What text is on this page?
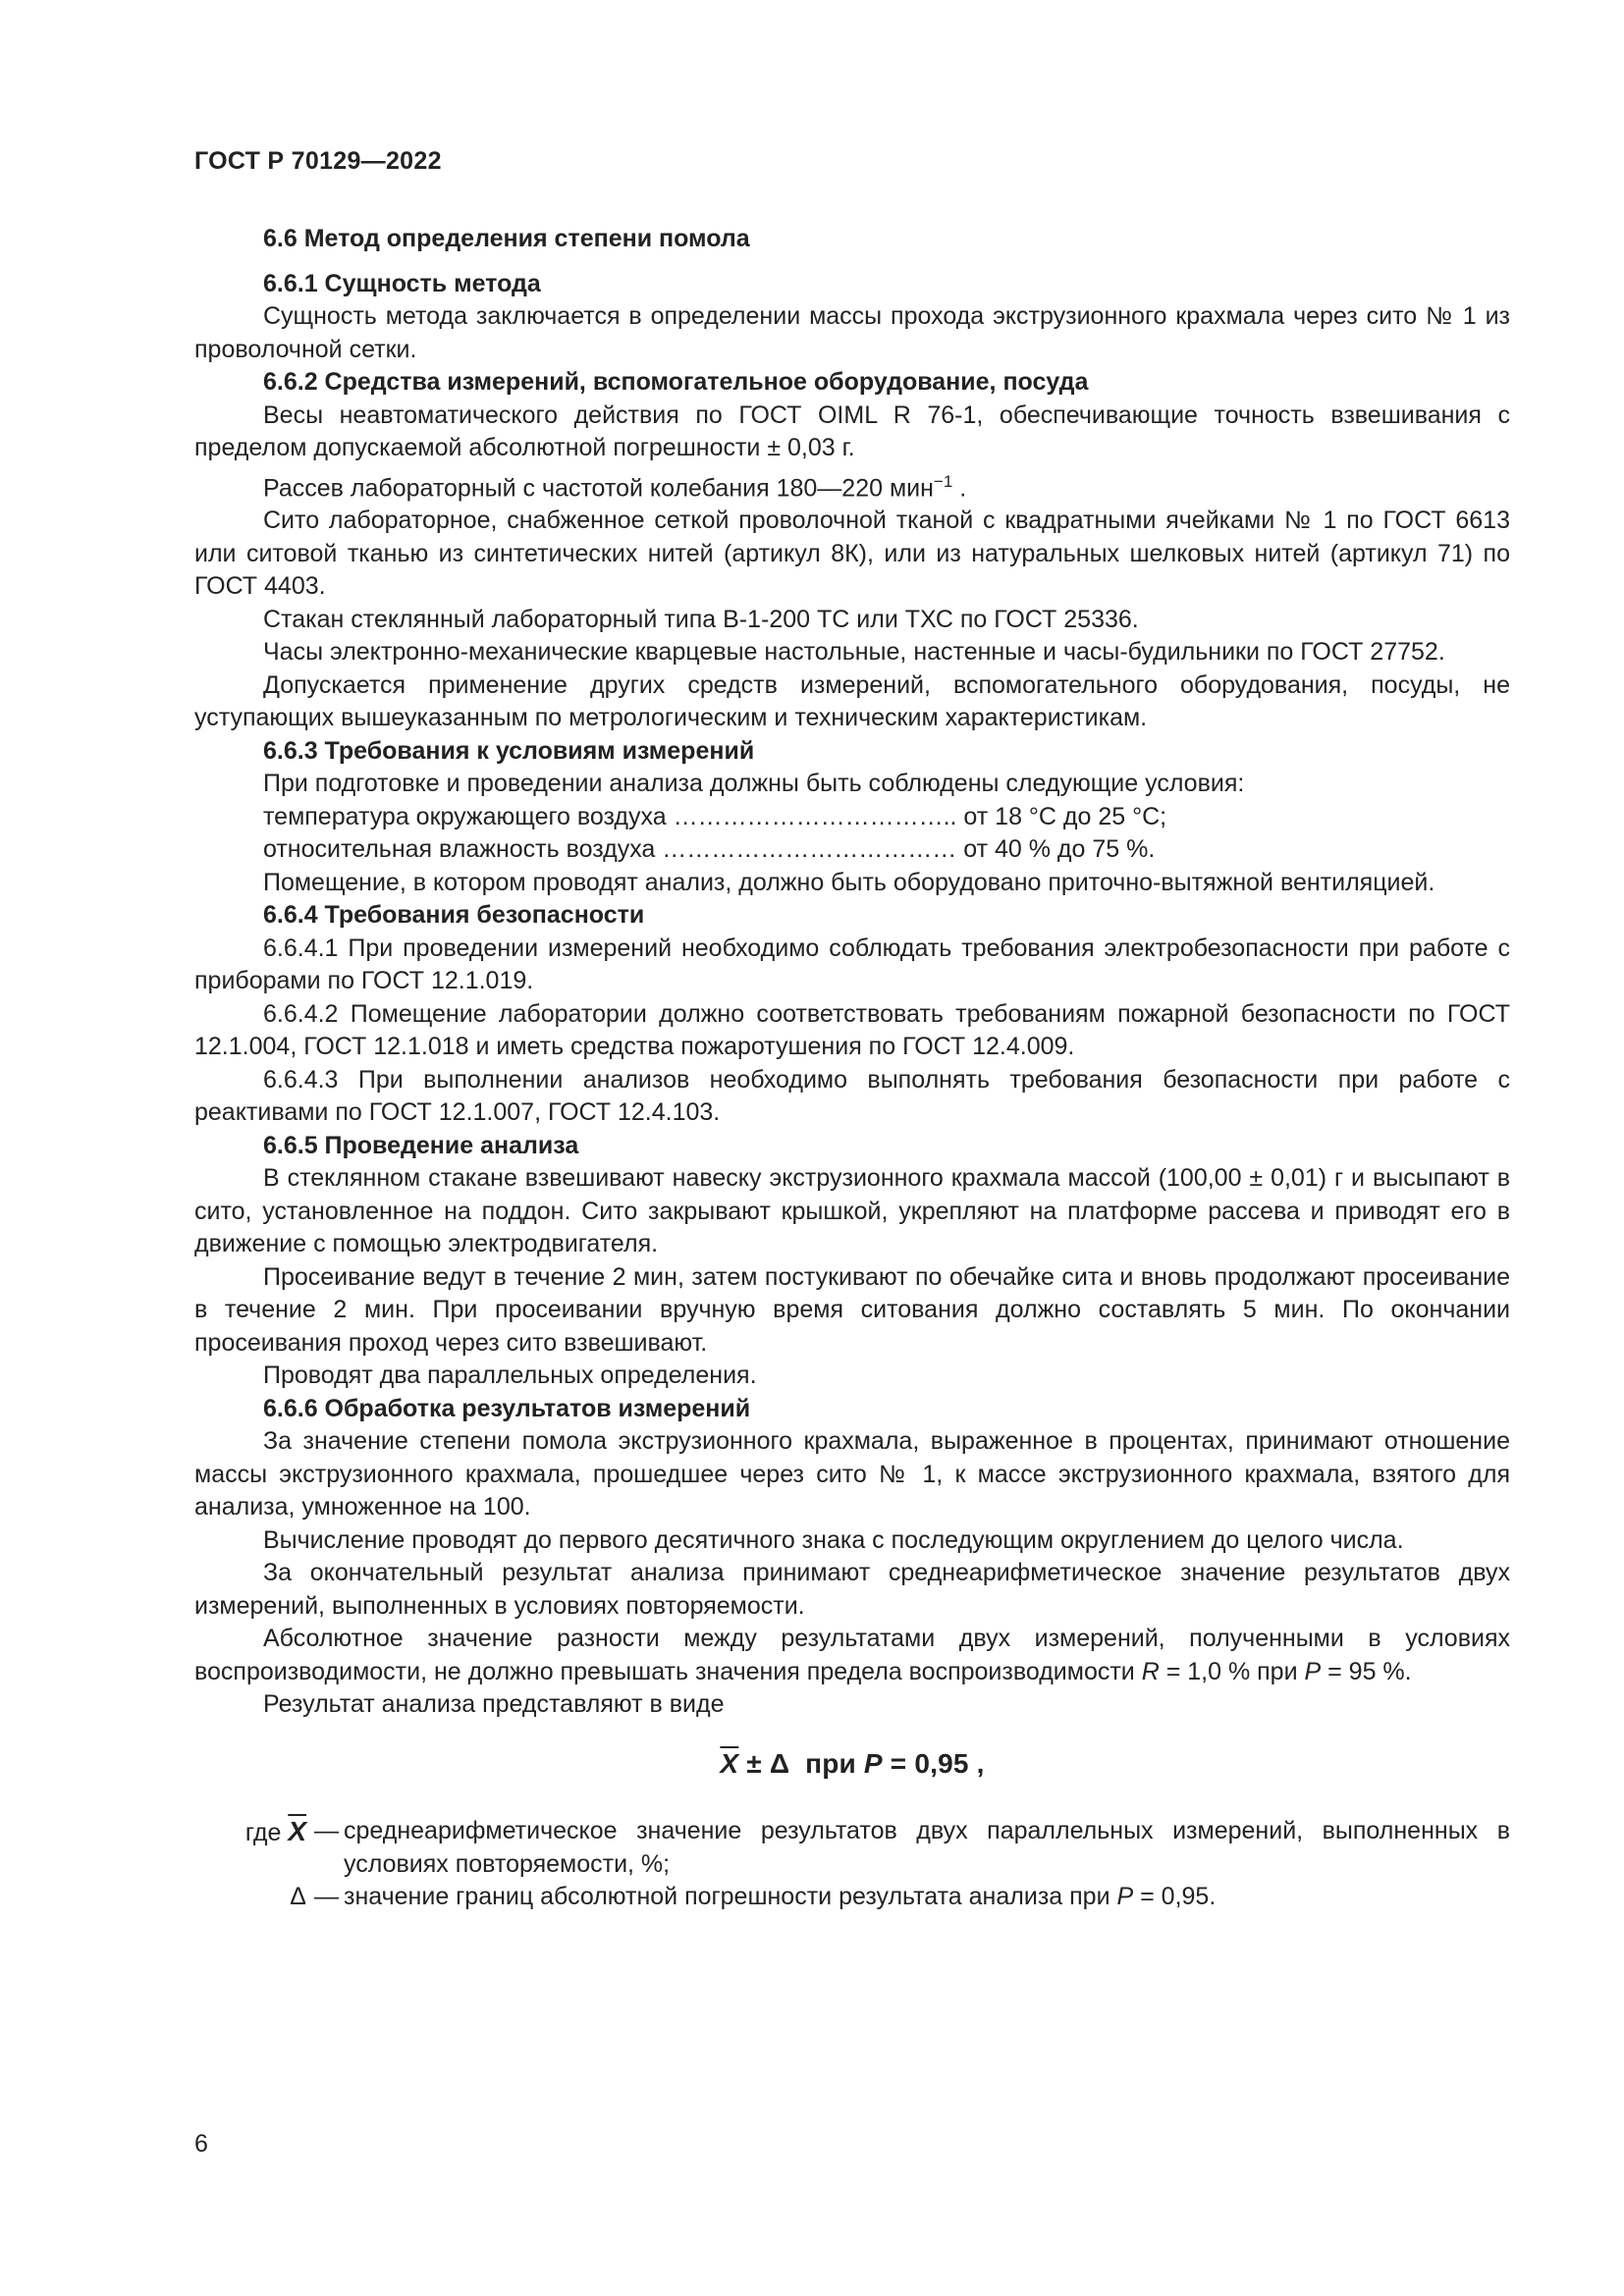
ГОСТ Р 70129—2022

6.6 Метод определения степени помола

6.6.1 Сущность метода

Сущность метода заключается в определении массы прохода экструзионного крахмала через сито № 1 из проволочной сетки.

6.6.2 Средства измерений, вспомогательное оборудование, посуда

Весы неавтоматического действия по ГОСТ OIML R 76-1, обеспечивающие точность взвешивания с пределом допускаемой абсолютной погрешности ± 0,03 г.

Рассев лабораторный с частотой колебания 180—220 мин$^{-1}$ .

Сито лабораторное, снабженное сеткой проволочной тканой с квадратными ячейками № 1 по ГОСТ 6613 или ситовой тканью из синтетических нитей (артикул 8К), или из натуральных шелковых нитей (артикул 71) по ГОСТ 4403.

Стакан стеклянный лабораторный типа В-1-200 ТС или ТХС по ГОСТ 25336.

Часы электронно-механические кварцевые настольные, настенные и часы-будильники по ГОСТ 27752.

Допускается применение других средств измерений, вспомогательного оборудования, посуды, не уступающих вышеуказанным по метрологическим и техническим характеристикам.

6.6.3 Требования к условиям измерений

При подготовке и проведении анализа должны быть соблюдены следующие условия:

температура окружающего воздуха …………………………….. от 18 °С до 25 °С;

относительная влажность воздуха ……………………………… от 40 % до 75 %.

Помещение, в котором проводят анализ, должно быть оборудовано приточно-вытяжной вентиляцией.

6.6.4 Требования безопасности

6.6.4.1 При проведении измерений необходимо соблюдать требования электробезопасности при работе с приборами по ГОСТ 12.1.019.

6.6.4.2 Помещение лаборатории должно соответствовать требованиям пожарной безопасности по ГОСТ 12.1.004, ГОСТ 12.1.018 и иметь средства пожаротушения по ГОСТ 12.4.009.

6.6.4.3 При выполнении анализов необходимо выполнять требования безопасности при работе с реактивами по ГОСТ 12.1.007, ГОСТ 12.4.103.

6.6.5 Проведение анализа

В стеклянном стакане взвешивают навеску экструзионного крахмала массой (100,00 ± 0,01) г и высыпают в сито, установленное на поддон. Сито закрывают крышкой, укрепляют на платформе рассева и приводят его в движение с помощью электродвигателя.

Просеивание ведут в течение 2 мин, затем постукивают по обечайке сита и вновь продолжают просеивание в течение 2 мин. При просеивании вручную время ситования должно составлять 5 мин. По окончании просеивания проход через сито взвешивают.

Проводят два параллельных определения.

6.6.6 Обработка результатов измерений

За значение степени помола экструзионного крахмала, выраженное в процентах, принимают отношение массы экструзионного крахмала, прошедшее через сито № 1, к массе экструзионного крахмала, взятого для анализа, умноженное на 100.

Вычисление проводят до первого десятичного знака с последующим округлением до целого числа.

За окончательный результат анализа принимают среднеарифметическое значение результатов двух измерений, выполненных в условиях повторяемости.

Абсолютное значение разности между результатами двух измерений, полученными в условиях воспроизводимости, не должно превышать значения предела воспроизводимости R = 1,0 % при P = 95 %.

Результат анализа представляют в виде

$\overline{X} \pm \Delta$  при P = 0,95 ,
где $\overline{X}$ — среднеарифметическое значение результатов двух параллельных измерений, выполненных в условиях повторяемости, %;
Δ — значение границ абсолютной погрешности результата анализа при P = 0,95.
6
